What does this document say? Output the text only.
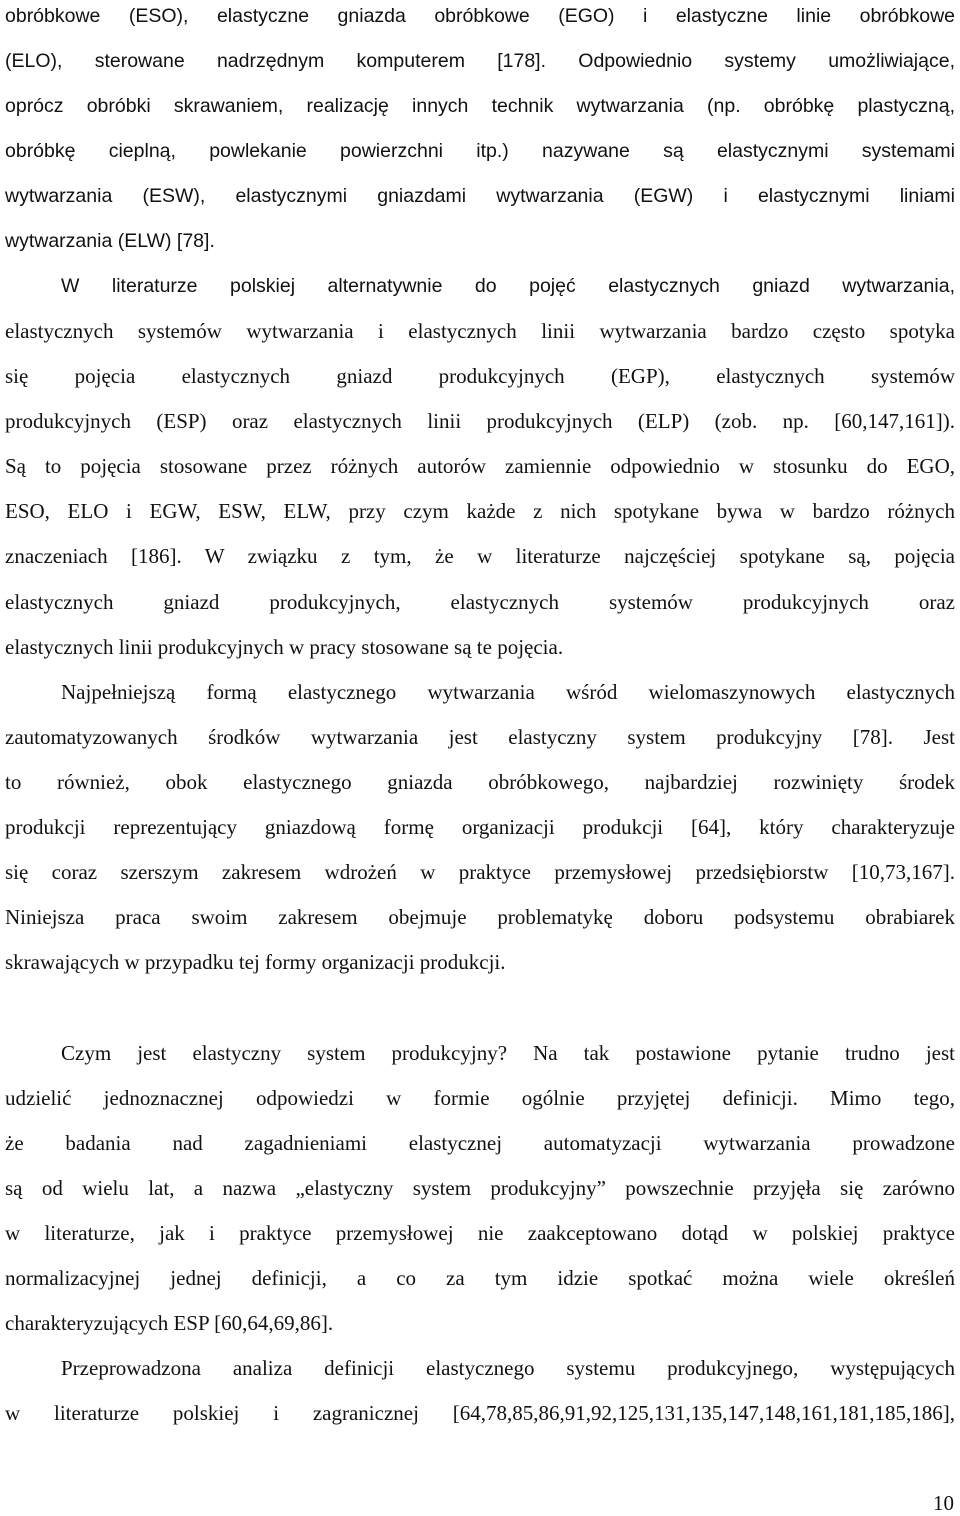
obróbkowe (ESO), elastyczne gniazda obróbkowe (EGO) i elastyczne linie obróbkowe
(ELO), sterowane nadrzędnym komputerem [178]. Odpowiednio systemy umożliwiające,
oprócz obróbki skrawaniem, realizację innych technik wytwarzania (np. obróbkę plastyczną,
obróbkę cieplną, powlekanie powierzchni itp.) nazywane są elastycznymi systemami
wytwarzania (ESW), elastycznymi gniazdami wytwarzania (EGW) i elastycznymi liniami
wytwarzania (ELW) [78].
W literaturze polskiej alternatywnie do pojęć elastycznych gniazd wytwarzania,
elastycznych systemów wytwarzania i elastycznych linii wytwarzania bardzo często spotyka
się pojęcia elastycznych gniazd produkcyjnych (EGP), elastycznych systemów
produkcyjnych (ESP) oraz elastycznych linii produkcyjnych (ELP) (zob. np. [60,147,161]).
Są to pojęcia stosowane przez różnych autorów zamiennie odpowiednio w stosunku do EGO,
ESO, ELO i EGW, ESW, ELW, przy czym każde z nich spotykane bywa w bardzo różnych
znaczeniach [186]. W związku z tym, że w literaturze najczęściej spotykane są, pojęcia
elastycznych gniazd produkcyjnych, elastycznych systemów produkcyjnych oraz
elastycznych linii produkcyjnych w pracy stosowane są te pojęcia.
Najpełniejszą formą elastycznego wytwarzania wśród wielomaszynowych elastycznych
zautomatyzowanych środków wytwarzania jest elastyczny system produkcyjny [78]. Jest
to również, obok elastycznego gniazda obróbkowego, najbardziej rozwinięty środek
produkcji reprezentujący gniazdową formę organizacji produkcji [64], który charakteryzuje
się coraz szerszym zakresem wdrożeń w praktyce przemysłowej przedsiębiorstw [10,73,167].
Niniejsza praca swoim zakresem obejmuje problematykę doboru podsystemu obrabiarek
skrawających w przypadku tej formy organizacji produkcji.
Czym jest elastyczny system produkcyjny? Na tak postawione pytanie trudno jest
udzielić jednoznacznej odpowiedzi w formie ogólnie przyjętej definicji. Mimo tego,
że badania nad zagadnieniami elastycznej automatyzacji wytwarzania prowadzone
są od wielu lat, a nazwa „elastyczny system produkcyjny” powszechnie przyjęła się zarówno
w literaturze, jak i praktyce przemysłowej nie zaakceptowano dotąd w polskiej praktyce
normalizacyjnej jednej definicji, a co za tym idzie spotkać można wiele określeń
charakteryzujących ESP [60,64,69,86].
Przeprowadzona analiza definicji elastycznego systemu produkcyjnego, występujących
w literaturze polskiej i zagranicznej [64,78,85,86,91,92,125,131,135,147,148,161,181,185,186],
10
